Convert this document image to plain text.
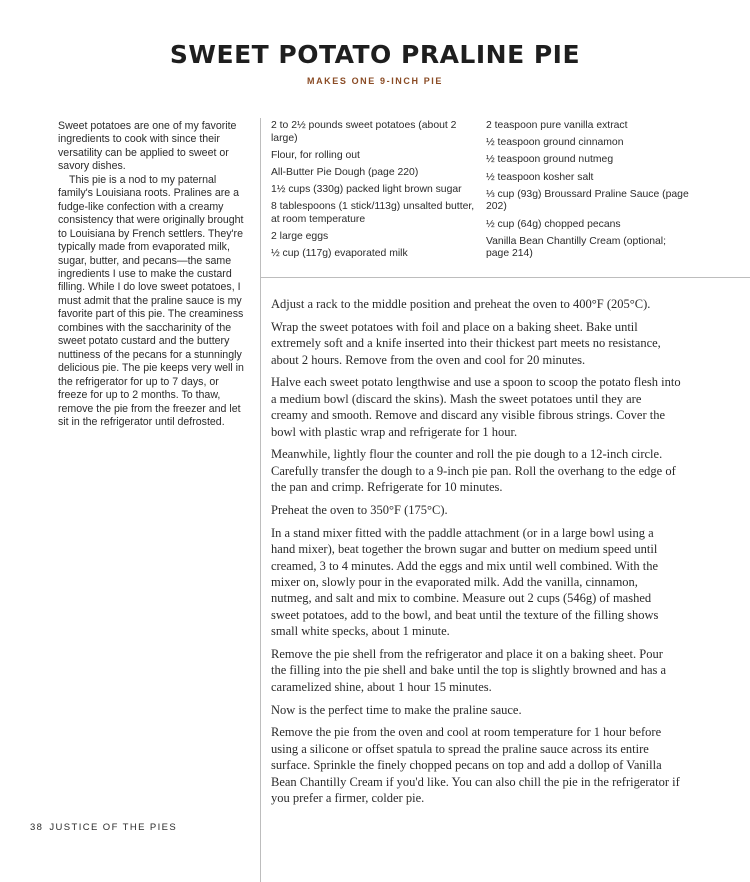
SWEET POTATO PRALINE PIE
MAKES ONE 9-INCH PIE

Sweet potatoes are one of my favorite ingredients to cook with since their versatility can be applied to sweet or savory dishes.

This pie is a nod to my paternal family's Louisiana roots. Pralines are a fudge-like confection with a creamy consistency that were originally brought to Louisiana by French settlers. They're typically made from evaporated milk, sugar, butter, and pecans—the same ingredients I use to make the custard filling. While I do love sweet potatoes, I must admit that the praline sauce is my favorite part of this pie. The creaminess combines with the saccharinity of the sweet potato custard and the buttery nuttiness of the pecans for a stunningly delicious pie. The pie keeps very well in the refrigerator for up to 7 days, or freeze for up to 2 months. To thaw, remove the pie from the freezer and let sit in the refrigerator until defrosted.

2 to 2½ pounds sweet potatoes (about 2 large)
Flour, for rolling out
All-Butter Pie Dough (page 220)
1½ cups (330g) packed light brown sugar
8 tablespoons (1 stick/113g) unsalted butter, at room temperature
2 large eggs
½ cup (117g) evaporated milk
2 teaspoon pure vanilla extract
½ teaspoon ground cinnamon
½ teaspoon ground nutmeg
½ teaspoon kosher salt
⅓ cup (93g) Broussard Praline Sauce (page 202)
½ cup (64g) chopped pecans
Vanilla Bean Chantilly Cream (optional; page 214)

Adjust a rack to the middle position and preheat the oven to 400°F (205°C).

Wrap the sweet potatoes with foil and place on a baking sheet. Bake until extremely soft and a knife inserted into their thickest part meets no resistance, about 2 hours. Remove from the oven and cool for 20 minutes.

Halve each sweet potato lengthwise and use a spoon to scoop the potato flesh into a medium bowl (discard the skins). Mash the sweet potatoes until they are creamy and smooth. Remove and discard any visible fibrous strings. Cover the bowl with plastic wrap and refrigerate for 1 hour.

Meanwhile, lightly flour the counter and roll the pie dough to a 12-inch circle. Carefully transfer the dough to a 9-inch pie pan. Roll the overhang to the edge of the pan and crimp. Refrigerate for 10 minutes.

Preheat the oven to 350°F (175°C).

In a stand mixer fitted with the paddle attachment (or in a large bowl using a hand mixer), beat together the brown sugar and butter on medium speed until creamed, 3 to 4 minutes. Add the eggs and mix until well combined. With the mixer on, slowly pour in the evaporated milk. Add the vanilla, cinnamon, nutmeg, and salt and mix to combine. Measure out 2 cups (546g) of mashed sweet potatoes, add to the bowl, and beat until the texture of the filling shows small white specks, about 1 minute.

Remove the pie shell from the refrigerator and place it on a baking sheet. Pour the filling into the pie shell and bake until the top is slightly browned and has a caramelized shine, about 1 hour 15 minutes.

Now is the perfect time to make the praline sauce.

Remove the pie from the oven and cool at room temperature for 1 hour before using a silicone or offset spatula to spread the praline sauce across its entire surface. Sprinkle the finely chopped pecans on top and add a dollop of Vanilla Bean Chantilly Cream if you'd like. You can also chill the pie in the refrigerator if you prefer a firmer, colder pie.

38 JUSTICE OF THE PIES
